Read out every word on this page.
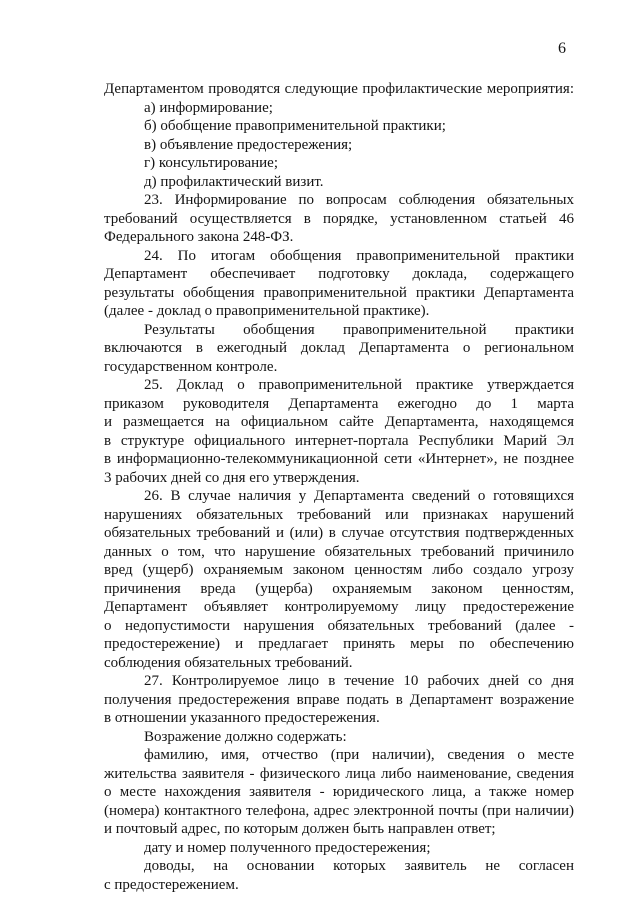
6
Департаментом проводятся следующие профилактические мероприятия:
а) информирование;
б) обобщение правоприменительной практики;
в) объявление предостережения;
г) консультирование;
д) профилактический визит.
23. Информирование по вопросам соблюдения обязательных
требований осуществляется в порядке, установленном статьей 46
Федерального закона 248-ФЗ.
24. По итогам обобщения правоприменительной практики
Департамент обеспечивает подготовку доклада, содержащего
результаты обобщения правоприменительной практики Департамента
(далее - доклад о правоприменительной практике).
Результаты обобщения правоприменительной практики
включаются в ежегодный доклад Департамента о региональном
государственном контроле.
25. Доклад о правоприменительной практике утверждается
приказом руководителя Департамента ежегодно до 1 марта
и размещается на официальном сайте Департамента, находящемся
в структуре официального интернет-портала Республики Марий Эл
в информационно-телекоммуникационной сети «Интернет», не позднее
3 рабочих дней со дня его утверждения.
26. В случае наличия у Департамента сведений о готовящихся
нарушениях обязательных требований или признаках нарушений
обязательных требований и (или) в случае отсутствия подтвержденных
данных о том, что нарушение обязательных требований причинило
вред (ущерб) охраняемым законом ценностям либо создало угрозу
причинения вреда (ущерба) охраняемым законом ценностям,
Департамент объявляет контролируемому лицу предостережение
о недопустимости нарушения обязательных требований (далее -
предостережение) и предлагает принять меры по обеспечению
соблюдения обязательных требований.
27. Контролируемое лицо в течение 10 рабочих дней со дня
получения предостережения вправе подать в Департамент возражение
в отношении указанного предостережения.
Возражение должно содержать:
фамилию, имя, отчество (при наличии), сведения о месте
жительства заявителя - физического лица либо наименование, сведения
о месте нахождения заявителя - юридического лица, а также номер
(номера) контактного телефона, адрес электронной почты (при наличии)
и почтовый адрес, по которым должен быть направлен ответ;
дату и номер полученного предостережения;
доводы, на основании которых заявитель не согласен
с предостережением.
